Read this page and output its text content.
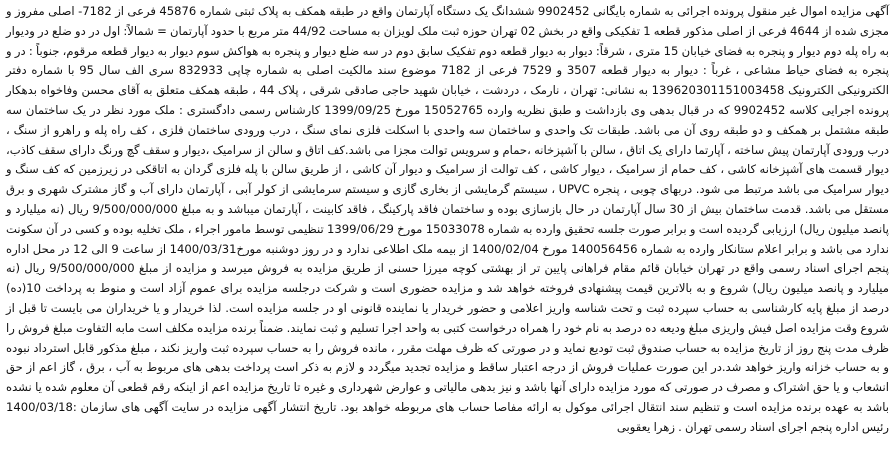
آگهی مزایده اموال غیر منقول پرونده اجرائی به شماره بایگانی 9902452 ششدانگ یک دستگاه آپارتمان واقع در طبقه همکف به پلاک ثبتی شماره 45876 فرعی از 7182- اصلی مفروز و مجزی شده از 4644 فرعی از اصلی مذکور قطعه 1 تفکیکی واقع در بخش 02 تهران حوزه ثبت ملک لویزان به مساحت 44/92 متر مربع با حدود آپارتمان = شمالاً: اول در دو ضلع در ودیوار به راه پله دوم دیوار و پنجره به فضای خیابان 15 متری ، شرقاً: دیوار به دیوار قطعه دوم تفکیک سابق دوم در سه ضلع دیوار و پنجره به هواکش سوم دیوار به دیوار قطعه مرقوم، جنوباً : در و پنجره به فضای حیاط مشاعی ، غرباً : دیوار به دیوار قطعه 3507 و 7529 فرعی از 7182 موضوع سند مالکیت اصلی به شماره چاپی 832933 سری الف سال 95 با شماره دفتر الکترونیکی الکترونیک 139620301151003458 به نشانی: تهران ، نارمک ، دردشت ، خیابان شهید حاجی صادقی شرقی ، پلاک 44 ، طبقه همکف متعلق به آقای محسن وفاخواه بدهکار پرونده اجرایی کلاسه 9902452 که در قبال بدهی وی بازداشت و طبق نظریه وارده 15052765 مورخ 1399/09/25 کارشناس رسمی دادگستری : ملک مورد نظر در یک ساختمان سه طبقه مشتمل بر همکف و دو طبقه روی آن می باشد. طبقات تک واحدی و ساختمان سه واحدی با اسکلت فلزی نمای سنگ ، درب ورودی ساختمان فلزی ، کف راه پله و راهرو از سنگ ، درب ورودی آپارتمان پیش ساخته ، آپارتما دارای یک اتاق ، سالن با آشپزخانه ،حمام و سرویس توالت مجزا می باشد.کف اتاق و سالن از سرامیک ،دیوار و سقف گچ ورنگ دارای سقف کاذب، دیوار قسمت های آشپزخانه کاشی ، کف حمام از سرامیک ، دیوار کاشی ، کف توالت از سرامیک و دیوار آن کاشی ، از طریق سالن با پله فلزی گردان به اتاقکی در زیرزمین که کف سنگ و دیوار سرامیک می باشد مرتبط می شود. دربهای چوبی ، پنجره UPVC ، سیستم گرمایشی از بخاری گازی و سیستم سرمایشی از کولر آبی ، آپارتمان دارای آب و گاز مشترک شهری و برق مستقل می باشد. قدمت ساختمان بیش از 30 سال آپارتمان در حال بازسازی بوده و ساختمان فاقد پارکینگ ، فاقد کابینت ، آپارتمان میباشد و به مبلغ 9/500/000/000 ریال (نه میلیارد و پانصد میلیون ریال) ارزیابی گردیده است و برابر صورت جلسه تحقیق وارده به شماره 15033078 مورخ 1399/06/29 تنظیمی توسط مامور اجراء ، ملک تخلیه بوده و کسی در آن سکونت ندارد می باشد و برابر اعلام ستانکار وارده به شماره 140056456 مورخ 1400/02/04 از بیمه ملک اطلاعی ندارد و در روز دوشنبه مورخ1400/03/31 از ساعت 9 الی 12 در محل اداره پنجم اجرای اسناد رسمی واقع در تهران خیابان قائم مقام فراهانی پایین تر از بهشتی کوچه میرزا حسنی از طریق مزایده به فروش میرسد و مزایده از مبلغ 9/500/000/000 ریال (نه میلیارد و پانصد میلیون ریال) شروع و به بالاترین قیمت پیشنهادی فروخته خواهد شد و مزایده حضوری است و شرکت درجلسه مزایده برای عموم آزاد است و منوط به پرداخت 10(ده) درصد از مبلغ پایه کارشناسی به حساب سپرده ثبت و تحت شناسه واریز اعلامی و حضور خریدار یا نماینده قانونی او در جلسه مزایده است. لذا خریدار و یا خریداران می بایست تا قبل از شروع وقت مزایده اصل فیش واریزی مبلغ ودیعه ده درصد به نام خود را همراه درخواست کتبی به واحد اجرا تسلیم و ثبت نمایند. ضمناً برنده مزایده مکلف است مابه التفاوت مبلغ فروش را ظرف مدت پنج روز از تاریخ مزایده به حساب صندوق ثبت تودیع نماید و در صورتی که ظرف مهلت مقرر ، مانده فروش را به حساب سپرده ثبت واریز نکند ، مبلغ مذکور قابل استرداد نبوده و به حساب خزانه واریز خواهد شد.در این صورت عملیات فروش از درجه اعتبار ساقط و مزایده تجدید میگردد و لازم به ذکر است پرداخت بدهی های مربوط به آب ، برق ، گاز اعم از حق انشعاب و یا حق اشتراک و مصرف در صورتی که مورد مزایده دارای آنها باشد و نیز بدهی مالیاتی و عوارض شهرداری و غیره تا تاریخ مزایده اعم از اینکه رقم قطعی آن معلوم شده یا نشده باشد به عهده برنده مزایده است و تنظیم سند انتقال اجرائی موکول به ارائه مفاصا حساب های مربوطه خواهد بود. تاریخ انتشار آگهی مزایده در سایت آگهی های سازمان :1400/03/18 رئیس اداره پنجم اجرای اسناد رسمی تهران . زهرا یعقوبی
